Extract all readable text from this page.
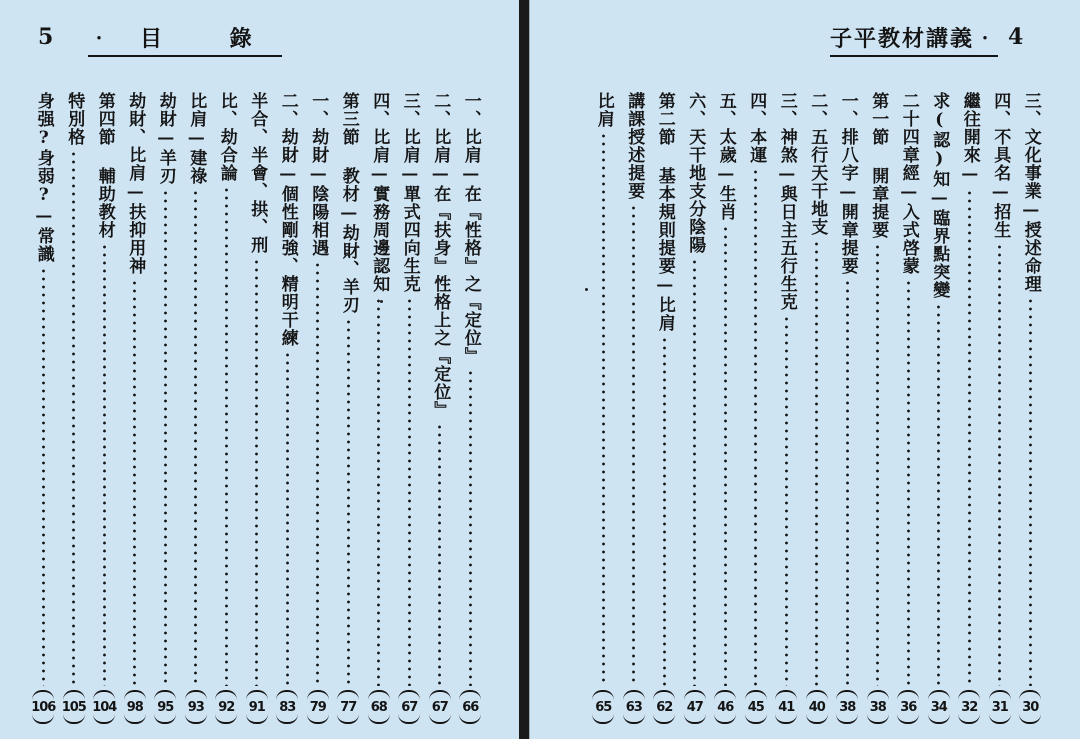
5 ‧目 錄
一、比肩—在『性格』之『定位』
66
二、比肩—在『扶身』性格上之『定位』
67
三、比肩—單式四向生克
67
四、比肩—實務周邊認知
68
第三節 教材—劫財、羊刃
77
一、劫財—陰陽相遇
79
二、劫財—個性剛強、精明干練
83
半合、半會、拱、刑
91
比、劫合論
92
比肩—建祿
93
劫財—羊刃
95
劫財、比肩—扶抑用神
98
第四節 輔助教材
104
特別格
105
身强?身弱?—常識
106
子平教材講義‧ 4
三、文化事業—授述命理
30
四、不具名—招生
31
繼往開來—
32
求(認)知—臨界點突變
34
二十四章經—入式啓蒙
36
第一節 開章提要
38
一、排八字—開章提要
38
二、五行天干地支
40
三、神煞—與日主五行生克
41
四、本運
45
五、太歲—生肖
46
六、天干地支分陰陽
47
第二節 基本規則提要—比肩
62
講課授述提要
63
比肩
65
